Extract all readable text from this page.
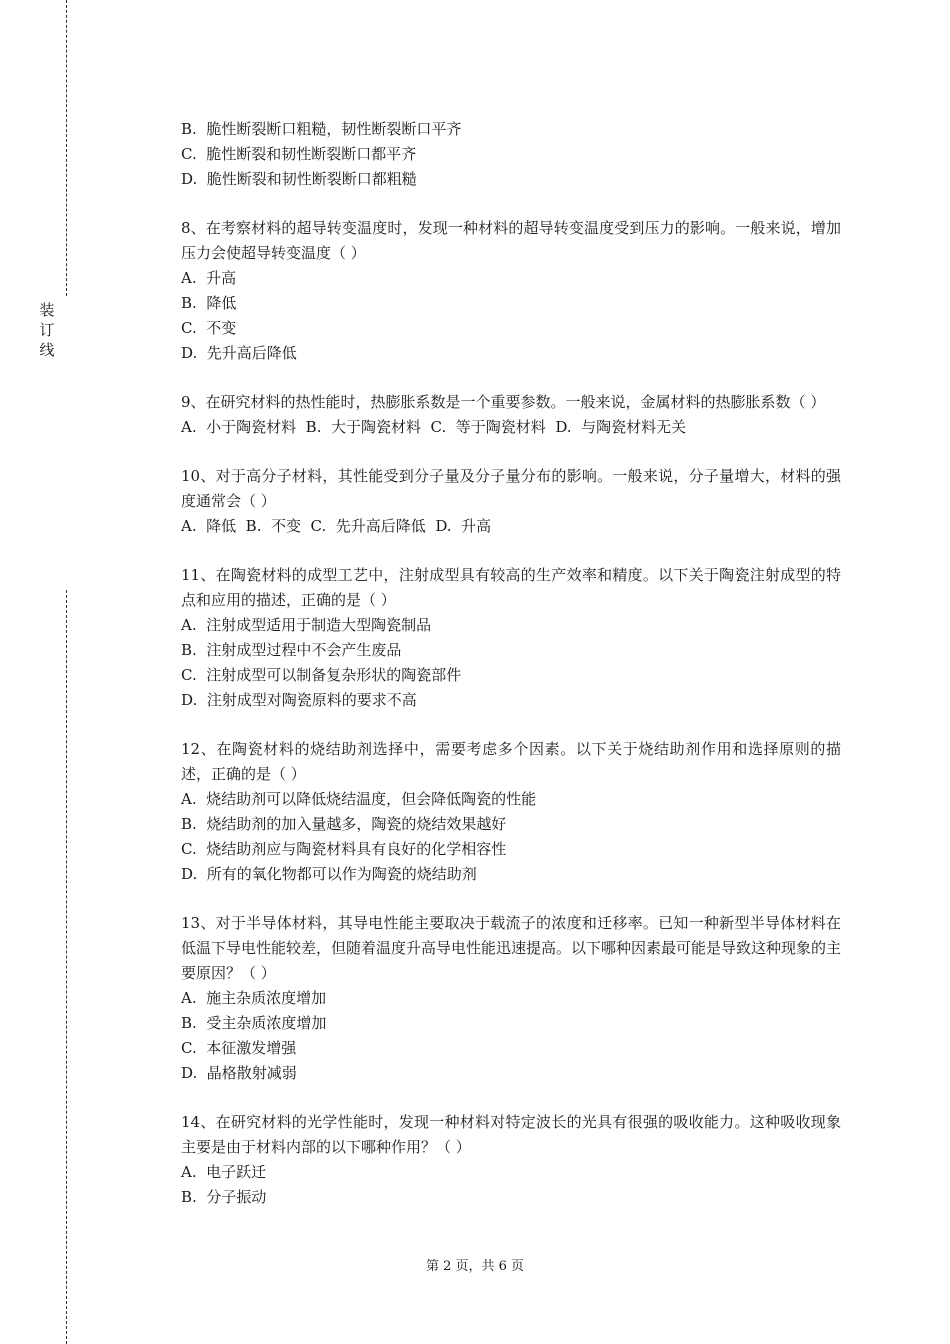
装
订
线
B.  脆性断裂断口粗糙，韧性断裂断口平齐
C.  脆性断裂和韧性断裂断口都平齐
D.  脆性断裂和韧性断裂断口都粗糙
8、在考察材料的超导转变温度时，发现一种材料的超导转变温度受到压力的影响。一般来说，增加压力会使超导转变温度（ ）
A.  升高
B.  降低
C.  不变
D.  先升高后降低
9、在研究材料的热性能时，热膨胀系数是一个重要参数。一般来说，金属材料的热膨胀系数（ ）
A.  小于陶瓷材料  B.  大于陶瓷材料  C.  等于陶瓷材料  D.  与陶瓷材料无关
10、对于高分子材料，其性能受到分子量及分子量分布的影响。一般来说，分子量增大，材料的强度通常会（ ）
A.  降低  B.  不变  C.  先升高后降低  D.  升高
11、在陶瓷材料的成型工艺中，注射成型具有较高的生产效率和精度。以下关于陶瓷注射成型的特点和应用的描述，正确的是（ ）
A.  注射成型适用于制造大型陶瓷制品
B.  注射成型过程中不会产生废品
C.  注射成型可以制备复杂形状的陶瓷部件
D.  注射成型对陶瓷原料的要求不高
12、在陶瓷材料的烧结助剂选择中，需要考虑多个因素。以下关于烧结助剂作用和选择原则的描述，正确的是（ ）
A.  烧结助剂可以降低烧结温度，但会降低陶瓷的性能
B.  烧结助剂的加入量越多，陶瓷的烧结效果越好
C.  烧结助剂应与陶瓷材料具有良好的化学相容性
D.  所有的氧化物都可以作为陶瓷的烧结助剂
13、对于半导体材料，其导电性能主要取决于载流子的浓度和迁移率。已知一种新型半导体材料在低温下导电性能较差，但随着温度升高导电性能迅速提高。以下哪种因素最可能是导致这种现象的主要原因？（ ）
A.  施主杂质浓度增加
B.  受主杂质浓度增加
C.  本征激发增强
D.  晶格散射减弱
14、在研究材料的光学性能时，发现一种材料对特定波长的光具有很强的吸收能力。这种吸收现象主要是由于材料内部的以下哪种作用？（ ）
A.  电子跃迁
B.  分子振动
第 2 页，共 6 页
